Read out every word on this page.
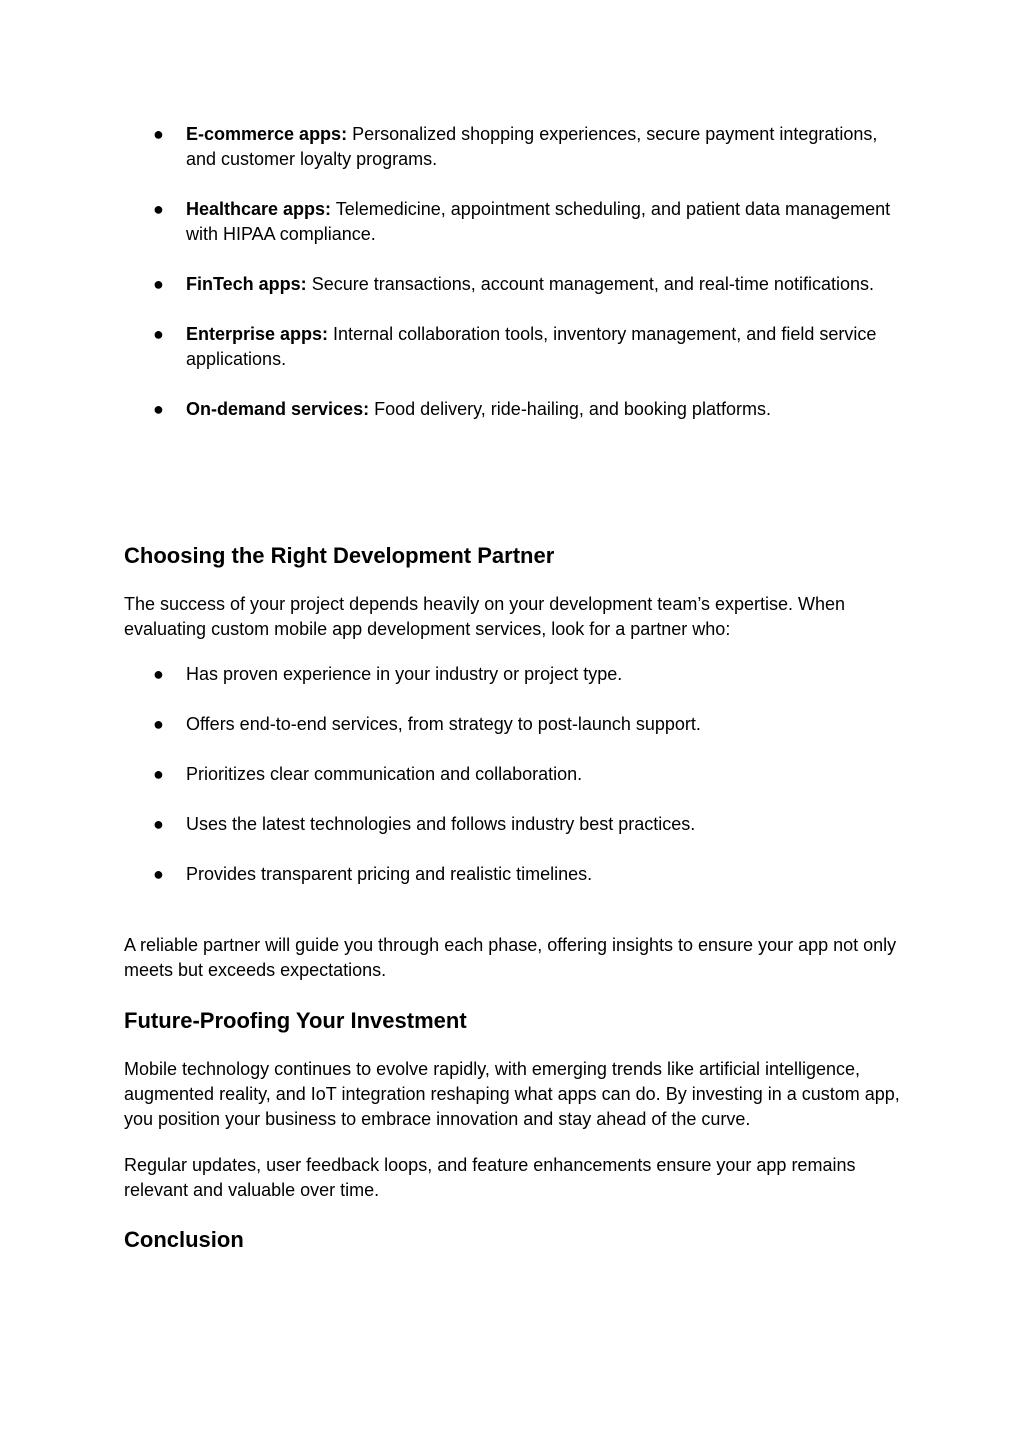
● E-commerce apps: Personalized shopping experiences, secure payment integrations, and customer loyalty programs.
● Healthcare apps: Telemedicine, appointment scheduling, and patient data management with HIPAA compliance.
● FinTech apps: Secure transactions, account management, and real-time notifications.
● Enterprise apps: Internal collaboration tools, inventory management, and field service applications.
● On-demand services: Food delivery, ride-hailing, and booking platforms.
Choosing the Right Development Partner

The success of your project depends heavily on your development team’s expertise. When evaluating custom mobile app development services, look for a partner who:

● Has proven experience in your industry or project type.
● Offers end-to-end services, from strategy to post-launch support.
● Prioritizes clear communication and collaboration.
● Uses the latest technologies and follows industry best practices.
● Provides transparent pricing and realistic timelines.

A reliable partner will guide you through each phase, offering insights to ensure your app not only meets but exceeds expectations.

Future-Proofing Your Investment

Mobile technology continues to evolve rapidly, with emerging trends like artificial intelligence, augmented reality, and IoT integration reshaping what apps can do. By investing in a custom app, you position your business to embrace innovation and stay ahead of the curve.

Regular updates, user feedback loops, and feature enhancements ensure your app remains relevant and valuable over time.

Conclusion
